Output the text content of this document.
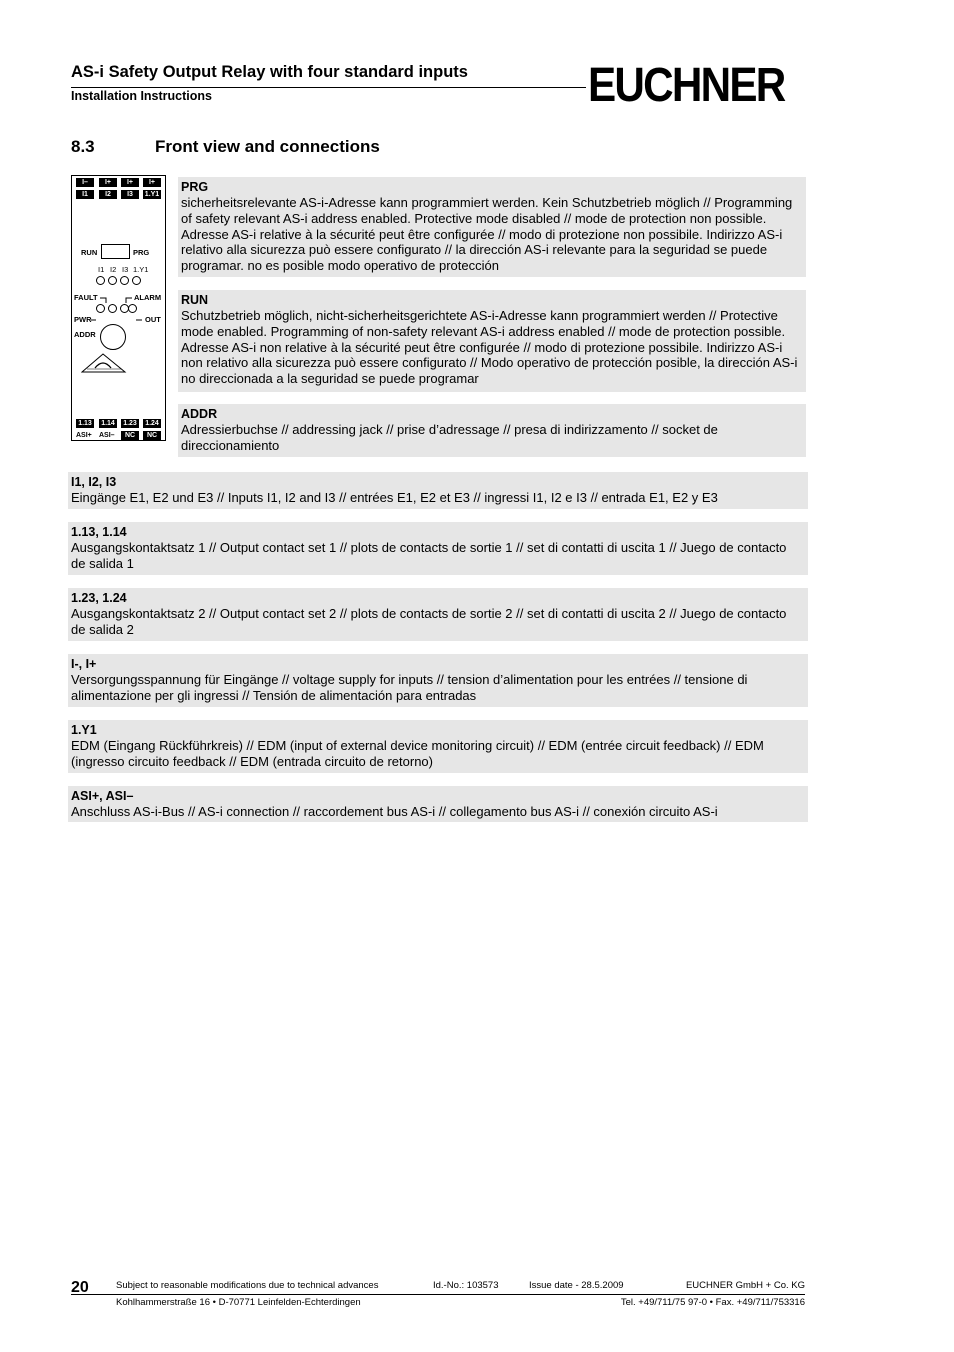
AS-i Safety Output Relay with four standard inputs
Installation Instructions	EUCHNER
8.3	Front view and connections
I–	I+	I+	I+
I1	I2	I3	1.Y1
RUN	PRG
I1 I2 I3 1.Y1
FAULT	ALARM
PWR	OUT
ADDR
1.13	1.14	1.23	1.24
ASI+ ASI–	NC	NC
PRG
sicherheitsrelevante AS-i-Adresse kann programmiert werden. Kein Schutzbetrieb möglich // Programming of safety relevant AS-i address enabled. Protective mode disabled // mode de protection non possible. Adresse AS-i relative à la sécurité peut être configurée // modo di protezione non possibile. Indirizzo AS-i relativo alla sicurezza può essere configurato // la dirección AS-i relevante para la seguridad se puede programar. no es posible modo operativo de protección
RUN
Schutzbetrieb möglich, nicht-sicherheitsgerichtete AS-i-Adresse kann programmiert werden // Protective mode enabled. Programming of non-safety relevant AS-i address enabled // mode de protection possible. Adresse AS-i non relative à la sécurité peut être configurée // modo di protezione possibile. Indirizzo AS-i non relativo alla sicurezza può essere configurato // Modo operativo de protección posible, la dirección AS-i no direccionada a la seguridad se puede programar
ADDR
Adressierbuchse // addressing jack // prise d’adressage // presa di indirizzamento // socket de direccionamiento
I1, I2, I3
Eingänge E1, E2 und E3 // Inputs I1, I2 and I3 // entrées E1, E2 et E3 // ingressi I1, I2 e I3 // entrada E1, E2 y E3
1.13, 1.14
Ausgangskontaktsatz 1 // Output contact set 1 // plots de contacts de sortie 1 // set di contatti di uscita 1 // Juego de contacto de salida 1
1.23, 1.24
Ausgangskontaktsatz 2 // Output contact set 2 // plots de contacts de sortie 2 // set di contatti di uscita 2 // Juego de contacto de salida 2
I-, I+
Versorgungsspannung für Eingänge // voltage supply for inputs // tension d’alimentation pour les entrées // tensione di alimentazione per gli ingressi // Tensión de alimentación para entradas
1.Y1
EDM (Eingang Rückführkreis) // EDM (input of external device monitoring circuit) // EDM (entrée circuit feedback) // EDM (ingresso circuito feedback // EDM (entrada circuito de retorno)
ASI+, ASI–
Anschluss AS-i-Bus // AS-i connection // raccordement bus AS-i // collegamento bus AS-i // conexión circuito AS-i
20	Subject to reasonable modifications due to technical advances	Id.-No.: 103573	Issue date - 28.5.2009	EUCHNER GmbH + Co. KG
Kohlhammerstraße 16 • D-70771 Leinfelden-Echterdingen	Tel. +49/711/75 97-0 • Fax. +49/711/753316
